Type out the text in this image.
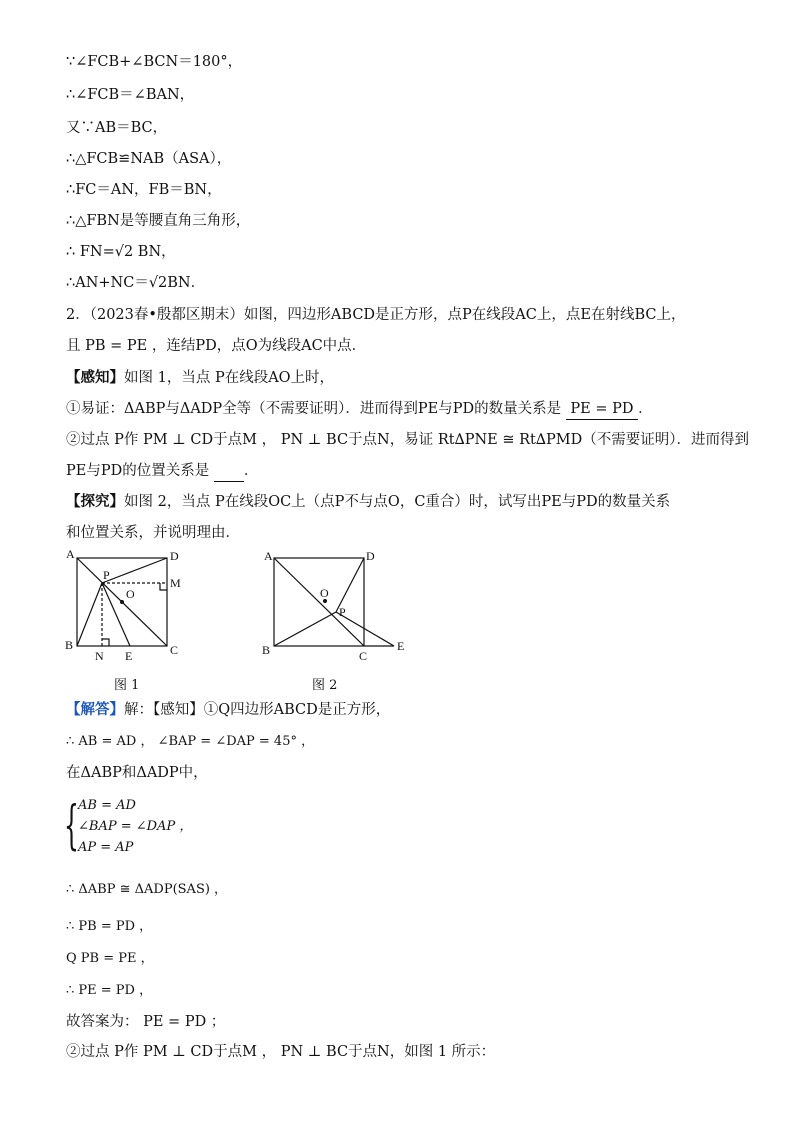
∵∠FCB+∠BCN＝180°，
∴∠FCB＝∠BAN，
又∵AB＝BC，
∴△FCB≌NAB（ASA），
∴FC＝AN，FB＝BN，
∴△FBN是等腰直角三角形，
∴ FN=√2 BN，
∴AN+NC＝√2BN．
2．（2023春•殷都区期末）如图，四边形ABCD是正方形，点P在线段AC上，点E在射线BC上，
且 PB = PE ，连结PD，点O为线段AC中点．
【感知】如图 1，当点 P在线段AO上时，
①易证：ΔABP与ΔADP全等（不需要证明）．进而得到PE与PD的数量关系是 PE = PD ．
②过点 P作 PM ⊥ CD于点M ， PN ⊥ BC于点N，易证 Rt∆PNE ≅ Rt∆PMD（不需要证明）．进而得到
PE与PD的位置关系是 ．
【探究】如图 2，当点 P在线段OC上（点P不与点O，C重合）时，试写出PE与PD的数量关系
和位置关系，并说明理由．
A	D
B	C
P
O
M
N E
图 1
A	D
B	C
P
O
E
图 2
【解答】解：【感知】①Q四边形ABCD是正方形，
∴ AB = AD ， ∠BAP = ∠DAP = 45° ，
在ΔABP和ΔADP中，
{ AB = AD
∠BAP = ∠DAP ，
AP = AP
∴ ΔABP ≅ ΔADP(SAS) ，
∴ PB = PD ，
Q PB = PE ，
∴ PE = PD ，
故答案为： PE = PD ；
②过点 P作 PM ⊥ CD于点M ， PN ⊥ BC于点N，如图 1 所示：
